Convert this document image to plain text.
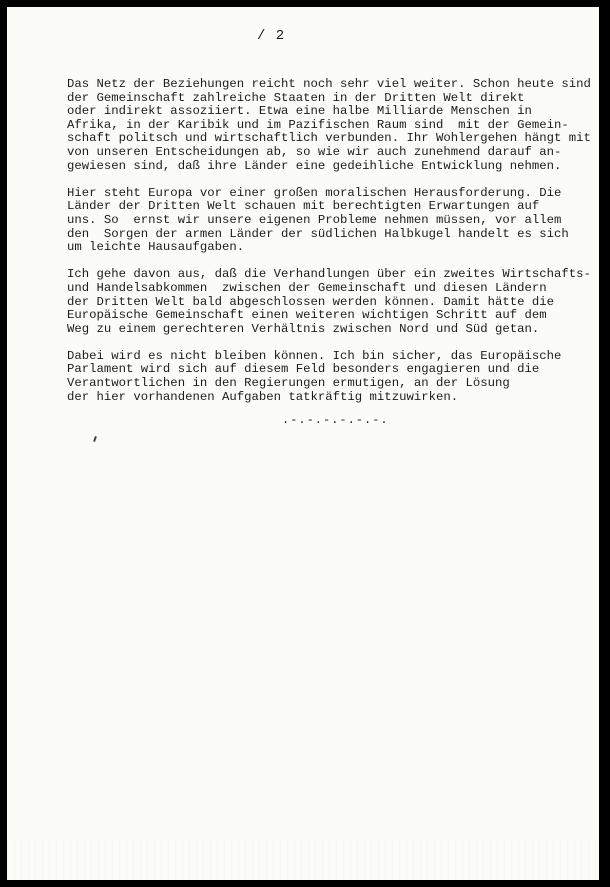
/ 2

Das Netz der Beziehungen reicht noch sehr viel weiter. Schon heute sind
der Gemeinschaft zahlreiche Staaten in der Dritten Welt direkt
oder indirekt assoziiert. Etwa eine halbe Milliarde Menschen in
Afrika, in der Karibik und im Pazifischen Raum sind  mit der Gemein-
schaft politsch und wirtschaftlich verbunden. Ihr Wohlergehen hängt mit
von unseren Entscheidungen ab, so wie wir auch zunehmend darauf an-
gewiesen sind, daß ihre Länder eine gedeihliche Entwicklung nehmen.

Hier steht Europa vor einer großen moralischen Herausforderung. Die
Länder der Dritten Welt schauen mit berechtigten Erwartungen auf
uns. So  ernst wir unsere eigenen Probleme nehmen müssen, vor allem
den  Sorgen der armen Länder der südlichen Halbkugel handelt es sich
um leichte Hausaufgaben.

Ich gehe davon aus, daß die Verhandlungen über ein zweites Wirtschafts-
und Handelsabkommen  zwischen der Gemeinschaft und diesen Ländern
der Dritten Welt bald abgeschlossen werden können. Damit hätte die
Europäische Gemeinschaft einen weiteren wichtigen Schritt auf dem
Weg zu einem gerechteren Verhältnis zwischen Nord und Süd getan.

Dabei wird es nicht bleiben können. Ich bin sicher, das Europäische
Parlament wird sich auf diesem Feld besonders engagieren und die
Verantwortlichen in den Regierungen ermutigen, an der Lösung
der hier vorhandenen Aufgaben tatkräftig mitzuwirken.

.-.-.-.-.-.-.
